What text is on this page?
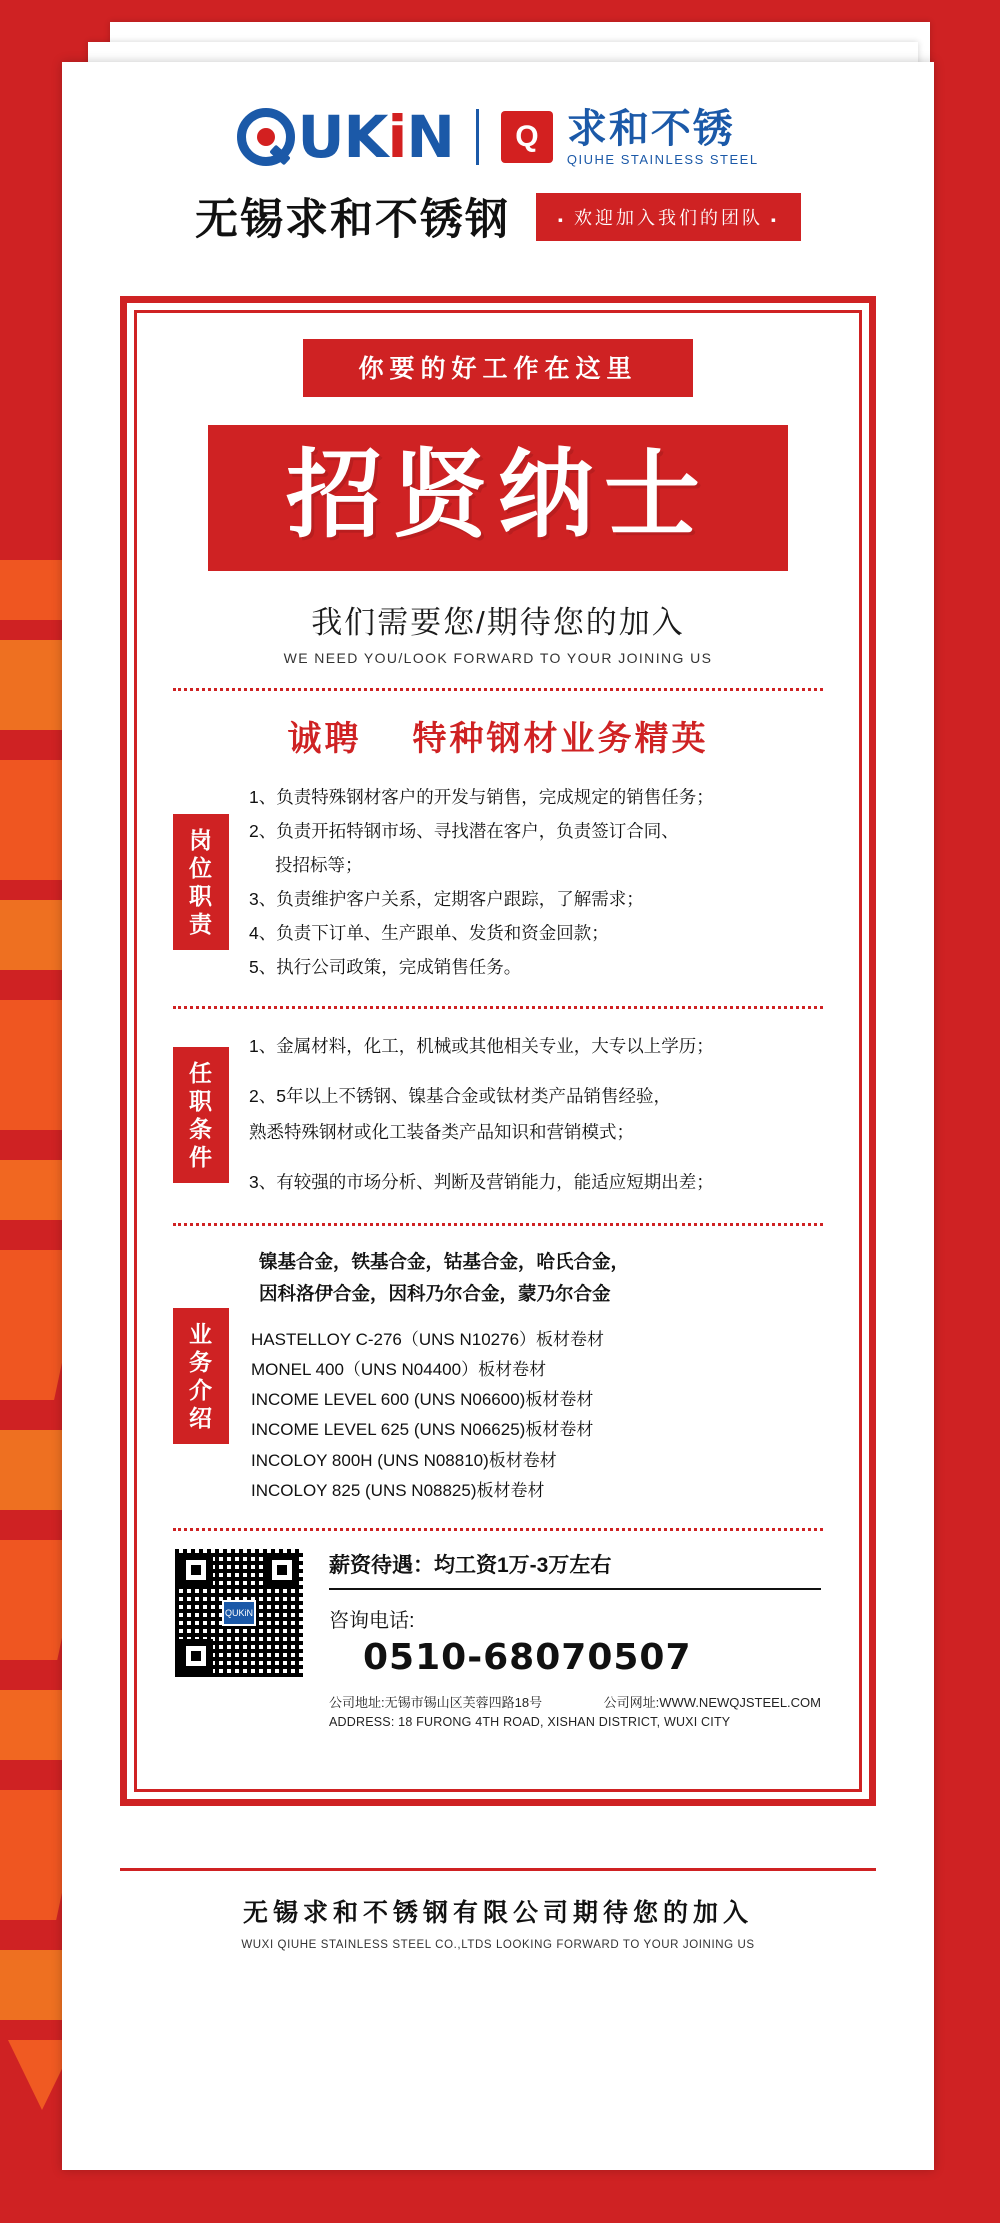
UKiN	Q 求和不锈
QIUHE STAINLESS STEEL
无锡求和不锈钢	▪ 欢迎加入我们的团队 ▪
你要的好工作在这里
招贤纳士
我们需要您/期待您的加入
WE NEED YOU/LOOK FORWARD TO YOUR JOINING US
诚聘 特种钢材业务精英
岗位职责

1、负责特殊钢材客户的开发与销售，完成规定的销售任务；

2、负责开拓特钢市场、寻找潜在客户，负责签订合同、

投招标等；

3、负责维护客户关系，定期客户跟踪，了解需求；

4、负责下订单、生产跟单、发货和资金回款；

5、执行公司政策，完成销售任务。

任职条件

1、金属材料，化工，机械或其他相关专业，大专以上学历；

2、5年以上不锈钢、镍基合金或钛材类产品销售经验，

熟悉特殊钢材或化工装备类产品知识和营销模式；

3、有较强的市场分析、判断及营销能力，能适应短期出差；

业务介绍
镍基合金，铁基合金，钴基合金，哈氏合金，
因科洛伊合金，因科乃尔合金，蒙乃尔合金
HASTELLOY C-276（UNS N10276）板材卷材
MONEL 400（UNS N04400）板材卷材
INCOME LEVEL 600 (UNS N06600)板材卷材
INCOME LEVEL 625 (UNS N06625)板材卷材
INCOLOY 800H (UNS N08810)板材卷材
INCOLOY 825 (UNS N08825)板材卷材
QUKiN
薪资待遇：均工资1万-3万左右
咨询电话:
0510-68070507
公司地址:无锡市锡山区芙蓉四路18号	公司网址:WWW.NEWQJSTEEL.COM
ADDRESS: 18 FURONG 4TH ROAD, XISHAN DISTRICT, WUXI CITY
无锡求和不锈钢有限公司期待您的加入
WUXI QIUHE STAINLESS STEEL CO.,LTDS LOOKING FORWARD TO YOUR JOINING US
